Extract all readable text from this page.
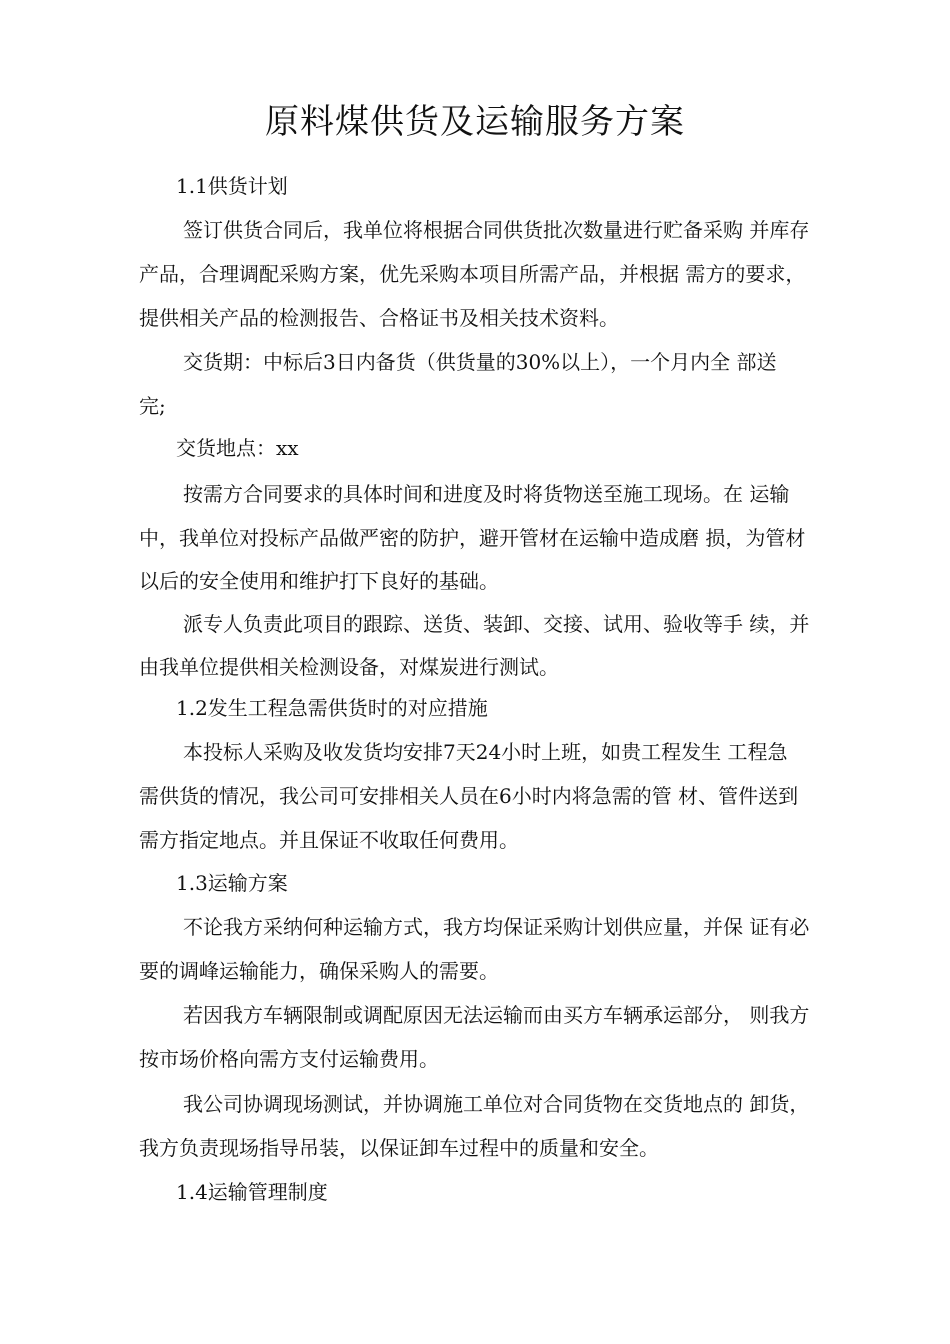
原料煤供货及运输服务方案

1.1供货计划

签订供货合同后，我单位将根据合同供货批次数量进行贮备采购 并库存

产品，合理调配采购方案，优先采购本项目所需产品，并根据 需方的要求，

提供相关产品的检测报告、合格证书及相关技术资料。

交货期：中标后3日内备货（供货量的30%以上），一个月内全 部送

完;

交货地点：xx

按需方合同要求的具体时间和进度及时将货物送至施工现场。在 运输

中，我单位对投标产品做严密的防护，避开管材在运输中造成磨 损，为管材

以后的安全使用和维护打下良好的基础。

派专人负责此项目的跟踪、送货、装卸、交接、试用、验收等手 续，并

由我单位提供相关检测设备，对煤炭进行测试。

1.2发生工程急需供货时的对应措施

本投标人采购及收发货均安排7天24小时上班，如贵工程发生 工程急

需供货的情况，我公司可安排相关人员在6小时内将急需的管 材、管件送到

需方指定地点。并且保证不收取任何费用。

1.3运输方案

不论我方采纳何种运输方式，我方均保证采购计划供应量，并保 证有必

要的调峰运输能力，确保采购人的需要。

若因我方车辆限制或调配原因无法运输而由买方车辆承运部分， 则我方

按市场价格向需方支付运输费用。

我公司协调现场测试，并协调施工单位对合同货物在交货地点的 卸货，

我方负责现场指导吊装，以保证卸车过程中的质量和安全。

1.4运输管理制度
